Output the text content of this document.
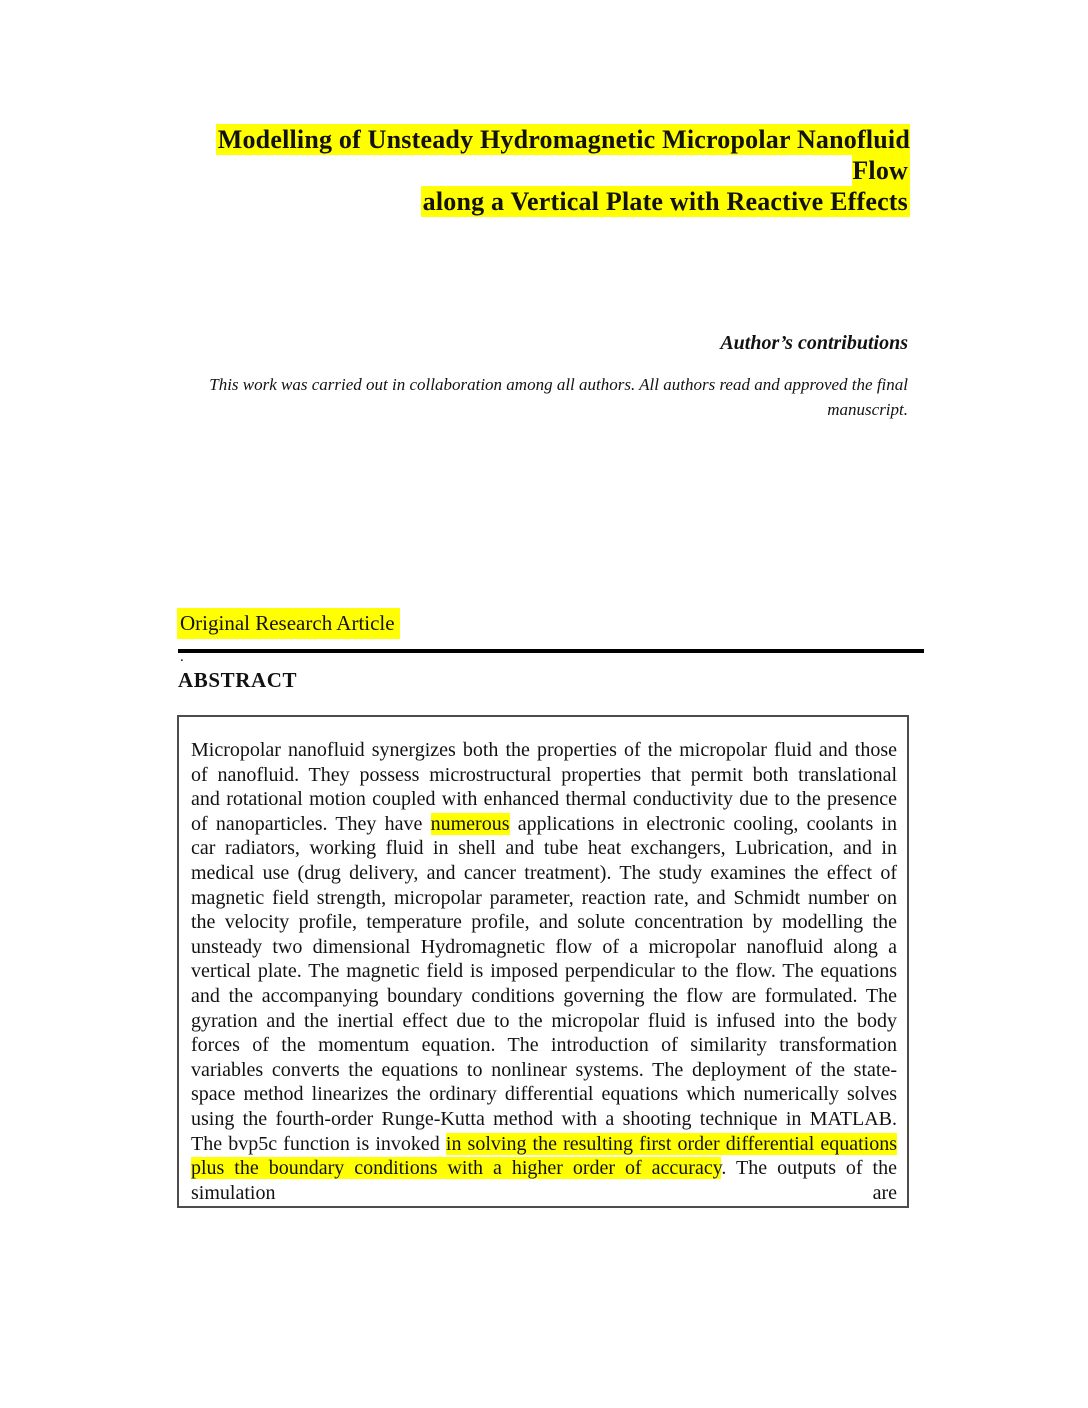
Modelling of Unsteady Hydromagnetic Micropolar Nanofluid Flow
along a Vertical Plate with Reactive Effects
Author’s contributions
This work was carried out in collaboration among all authors. All authors read and approved the final manuscript.
Original Research Article
.
ABSTRACT

Micropolar nanofluid synergizes both the properties of the micropolar fluid and those of nanofluid. They possess microstructural properties that permit both translational and rotational motion coupled with enhanced thermal conductivity due to the presence of nanoparticles. They have numerous applications in electronic cooling, coolants in car radiators, working fluid in shell and tube heat exchangers, Lubrication, and in medical use (drug delivery, and cancer treatment). The study examines the effect of magnetic field strength, micropolar parameter, reaction rate, and Schmidt number on the velocity profile, temperature profile, and solute concentration by modelling the unsteady two dimensional Hydromagnetic flow of a micropolar nanofluid along a vertical plate. The magnetic field is imposed perpendicular to the flow. The equations and the accompanying boundary conditions governing the flow are formulated. The gyration and the inertial effect due to the micropolar fluid is infused into the body forces of the momentum equation. The introduction of similarity transformation variables converts the equations to nonlinear systems. The deployment of the state-space method linearizes the ordinary differential equations which numerically solves using the fourth-order Runge-Kutta method with a shooting technique in MATLAB. The bvp5c function is invoked in solving the resulting first order differential equations plus the boundary conditions with a higher order of accuracy. The outputs of the simulation are
